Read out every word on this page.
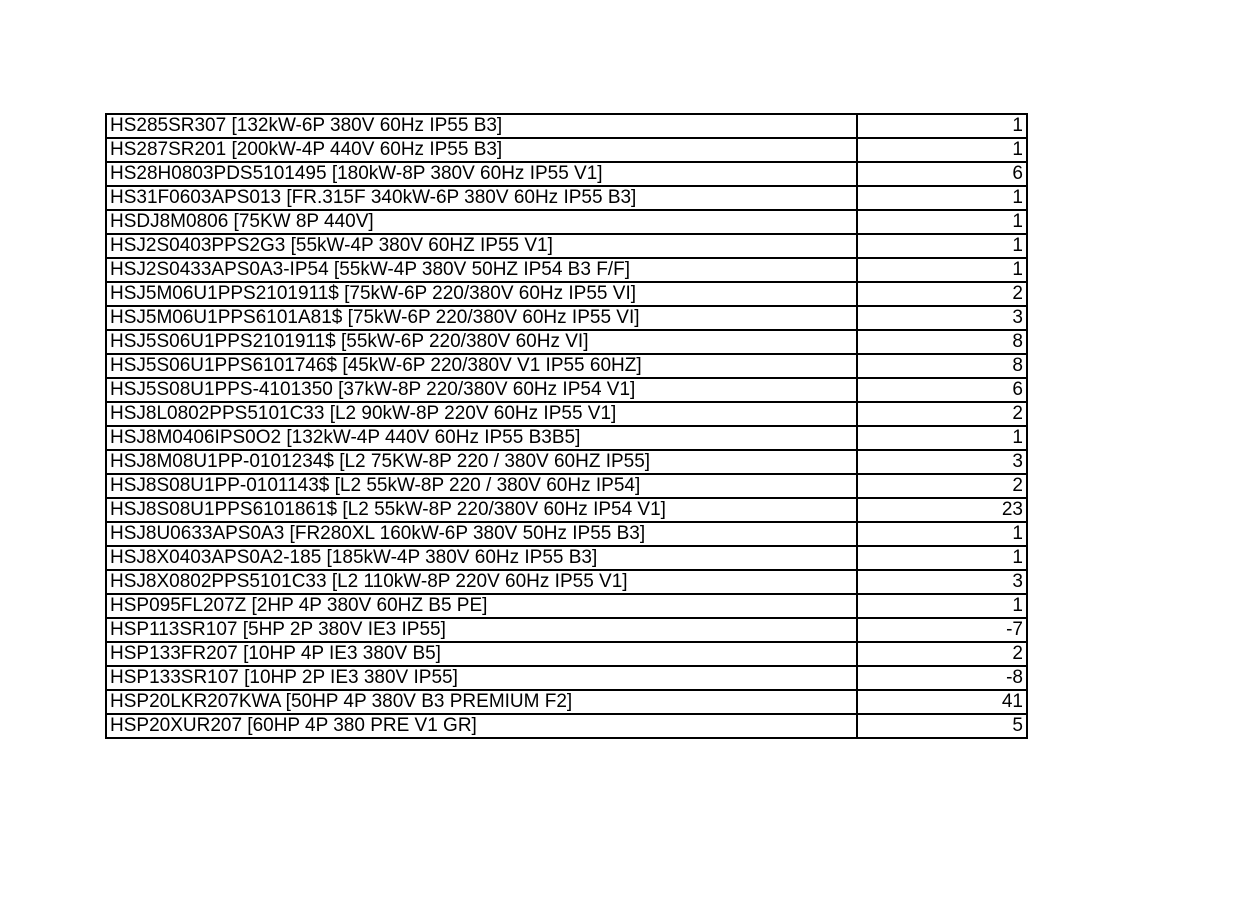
HS285SR307 [132kW-6P 380V 60Hz IP55 B3]	1
HS287SR201 [200kW-4P 440V 60Hz IP55 B3]	1
HS28H0803PDS5101495 [180kW-8P 380V 60Hz IP55 V1]	6
HS31F0603APS013 [FR.315F 340kW-6P 380V 60Hz IP55 B3]	1
HSDJ8M0806 [75KW 8P 440V]	1
HSJ2S0403PPS2G3 [55kW-4P 380V 60HZ IP55 V1]	1
HSJ2S0433APS0A3-IP54 [55kW-4P 380V 50HZ IP54 B3 F/F]	1
HSJ5M06U1PPS2101911$ [75kW-6P 220/380V 60Hz IP55 VI]	2
HSJ5M06U1PPS6101A81$ [75kW-6P 220/380V 60Hz IP55 VI]	3
HSJ5S06U1PPS2101911$ [55kW-6P 220/380V 60Hz VI]	8
HSJ5S06U1PPS6101746$ [45kW-6P 220/380V V1 IP55 60HZ]	8
HSJ5S08U1PPS-4101350 [37kW-8P 220/380V 60Hz IP54 V1]	6
HSJ8L0802PPS5101C33 [L2 90kW-8P 220V 60Hz IP55 V1]	2
HSJ8M0406IPS0O2 [132kW-4P 440V 60Hz IP55 B3B5]	1
HSJ8M08U1PP-0101234$ [L2 75KW-8P 220 / 380V 60HZ IP55]	3
HSJ8S08U1PP-0101143$ [L2 55kW-8P 220 / 380V 60Hz IP54]	2
HSJ8S08U1PPS6101861$ [L2 55kW-8P 220/380V 60Hz IP54 V1]	23
HSJ8U0633APS0A3 [FR280XL 160kW-6P 380V 50Hz IP55 B3]	1
HSJ8X0403APS0A2-185 [185kW-4P 380V 60Hz IP55 B3]	1
HSJ8X0802PPS5101C33 [L2 110kW-8P 220V 60Hz IP55 V1]	3
HSP095FL207Z [2HP 4P 380V 60HZ B5 PE]	1
HSP113SR107 [5HP 2P 380V IE3 IP55]	-7
HSP133FR207 [10HP 4P IE3 380V B5]	2
HSP133SR107 [10HP 2P IE3 380V IP55]	-8
HSP20LKR207KWA [50HP 4P 380V B3 PREMIUM F2]	41
HSP20XUR207 [60HP 4P 380 PRE V1 GR]	5
